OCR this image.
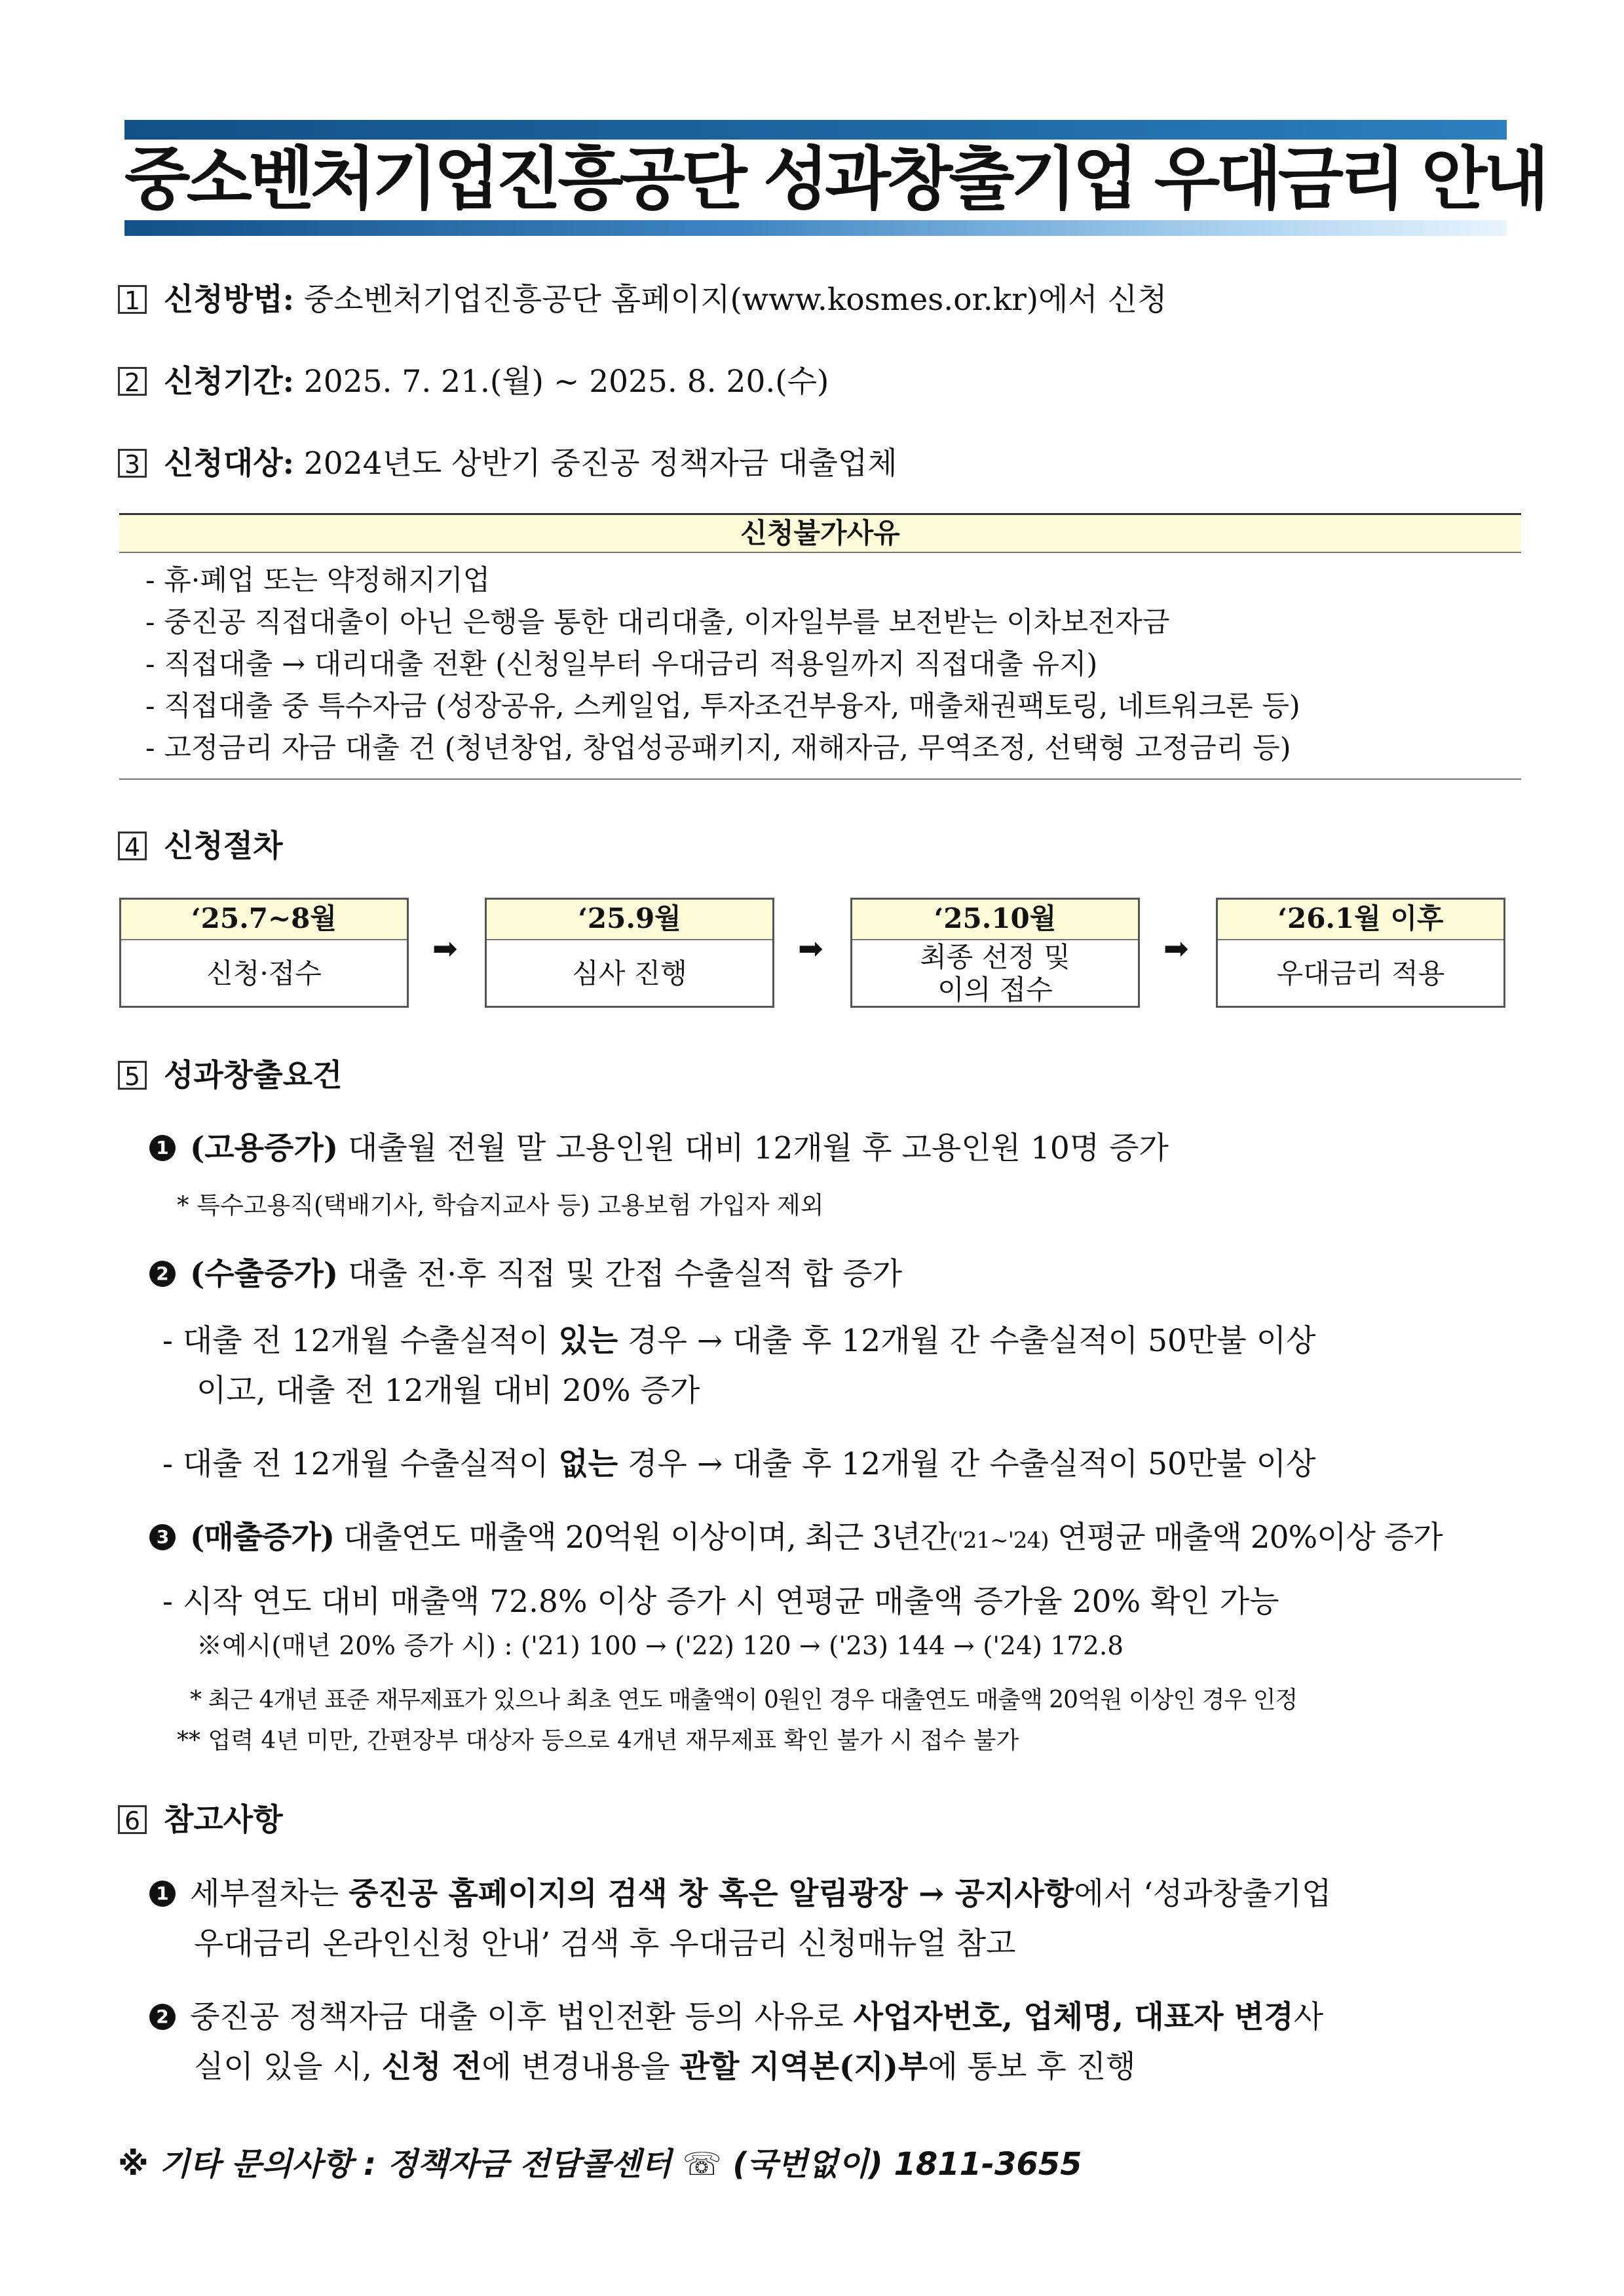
중소벤처기업진흥공단 성과창출기업 우대금리 안내
1 신청방법: 중소벤처기업진흥공단 홈페이지(www.kosmes.or.kr)에서 신청
2 신청기간: 2025. 7. 21.(월) ~ 2025. 8. 20.(수)
3 신청대상: 2024년도 상반기 중진공 정책자금 대출업체
신청불가사유
- 휴·폐업 또는 약정해지기업
- 중진공 직접대출이 아닌 은행을 통한 대리대출, 이자일부를 보전받는 이차보전자금
- 직접대출 → 대리대출 전환 (신청일부터 우대금리 적용일까지 직접대출 유지)
- 직접대출 중 특수자금 (성장공유, 스케일업, 투자조건부융자, 매출채권팩토링, 네트워크론 등)
- 고정금리 자금 대출 건 (청년창업, 창업성공패키지, 재해자금, 무역조정, 선택형 고정금리 등)
4 신청절차
‘25.7~8월
신청·접수
➡
‘25.9월
심사 진행
➡
‘25.10월
최종 선정 및
이의 접수
➡
‘26.1월 이후
우대금리 적용
5 성과창출요건
1 (고용증가) 대출월 전월 말 고용인원 대비 12개월 후 고용인원 10명 증가
* 특수고용직(택배기사, 학습지교사 등) 고용보험 가입자 제외
2 (수출증가) 대출 전·후 직접 및 간접 수출실적 합 증가
- 대출 전 12개월 수출실적이 있는 경우 → 대출 후 12개월 간 수출실적이 50만불 이상
이고, 대출 전 12개월 대비 20% 증가
- 대출 전 12개월 수출실적이 없는 경우 → 대출 후 12개월 간 수출실적이 50만불 이상
3 (매출증가) 대출연도 매출액 20억원 이상이며, 최근 3년간('21~'24) 연평균 매출액 20%이상 증가
- 시작 연도 대비 매출액 72.8% 이상 증가 시 연평균 매출액 증가율 20% 확인 가능
※예시(매년 20% 증가 시) : ('21) 100 → ('22) 120 → ('23) 144 → ('24) 172.8
* 최근 4개년 표준 재무제표가 있으나 최초 연도 매출액이 0원인 경우 대출연도 매출액 20억원 이상인 경우 인정
** 업력 4년 미만, 간편장부 대상자 등으로 4개년 재무제표 확인 불가 시 접수 불가
6 참고사항
1 세부절차는 중진공 홈페이지의 검색 창 혹은 알림광장 → 공지사항에서 ‘성과창출기업
우대금리 온라인신청 안내’ 검색 후 우대금리 신청매뉴얼 참고
2 중진공 정책자금 대출 이후 법인전환 등의 사유로 사업자번호, 업체명, 대표자 변경사
실이 있을 시, 신청 전에 변경내용을 관할 지역본(지)부에 통보 후 진행
※ 기타 문의사항 : 정책자금 전담콜센터 ☏ (국번없이) 1811-3655
